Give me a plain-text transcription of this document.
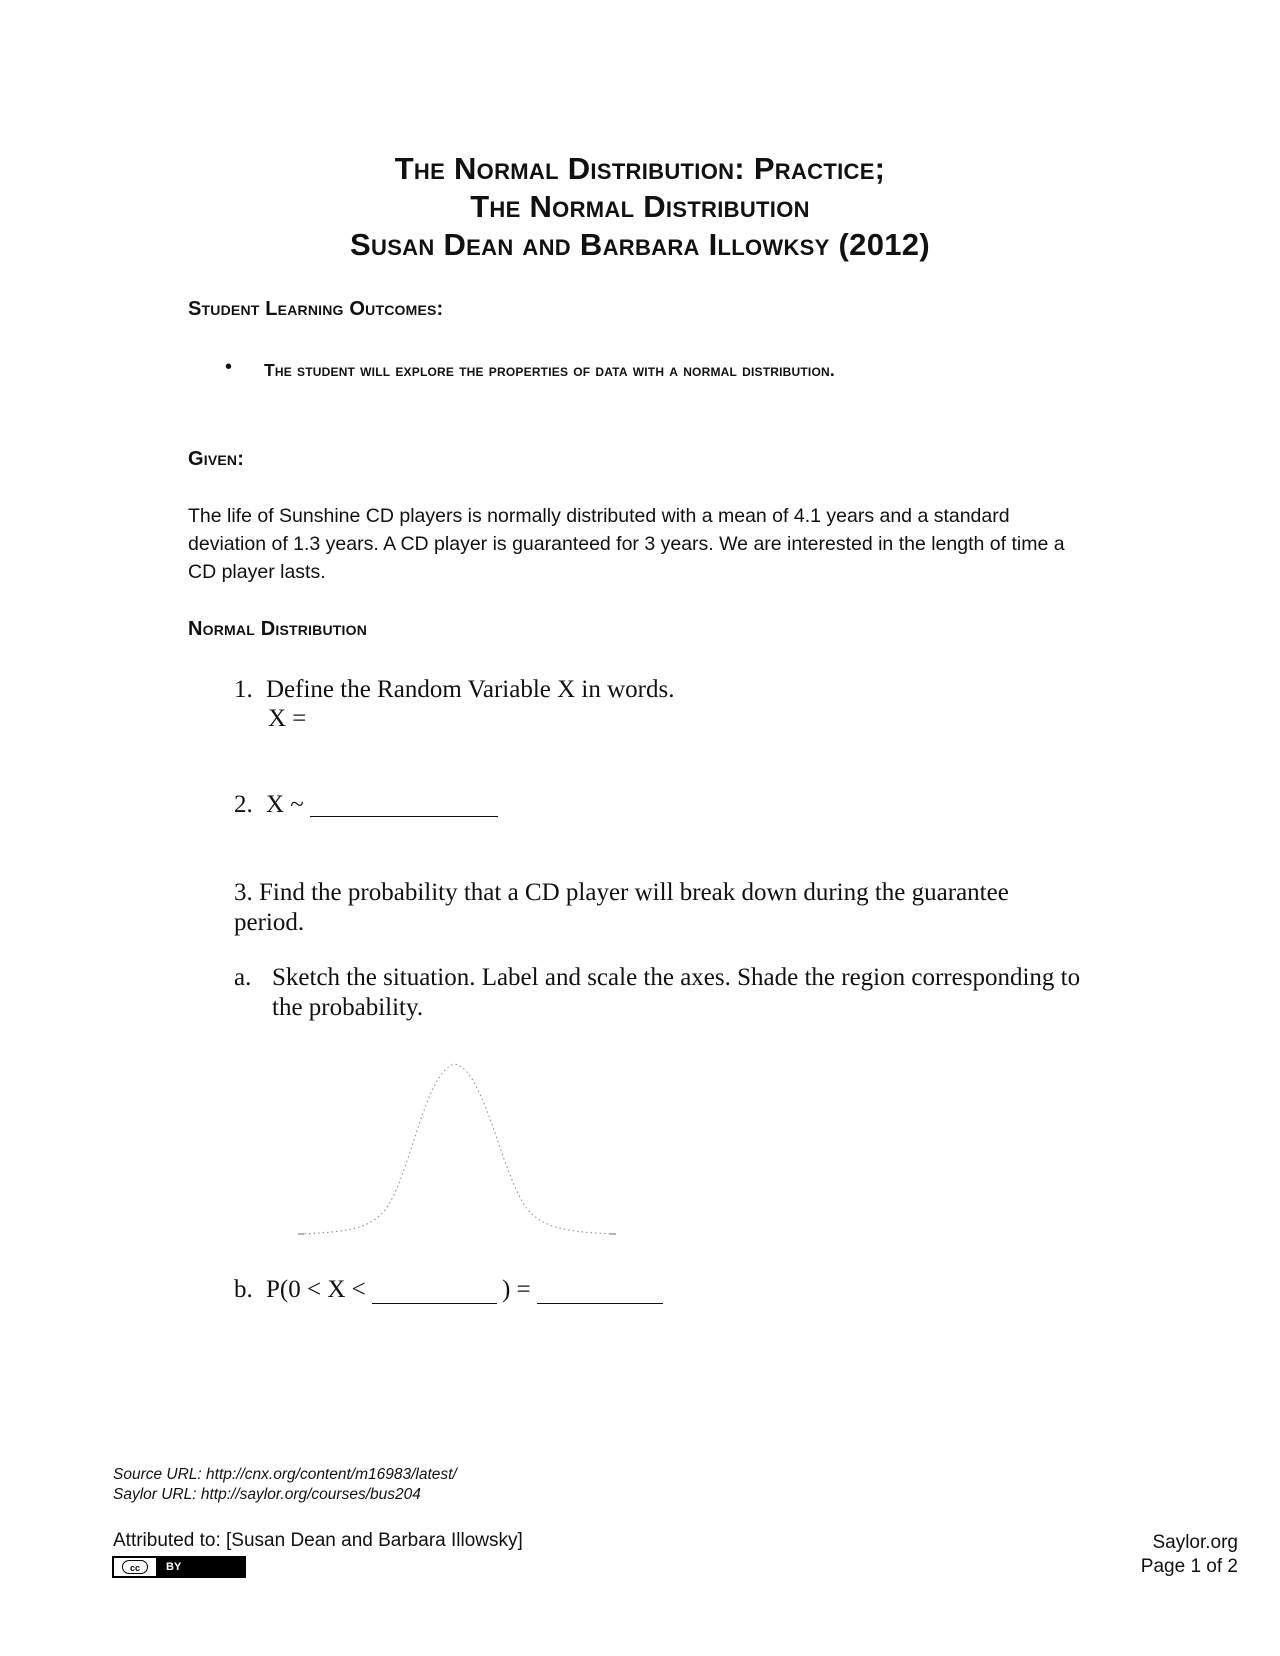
The Normal Distribution: Practice;
The Normal Distribution
Susan Dean and Barbara Illowksy (2012)
Student Learning Outcomes:
• The student will explore the properties of data with a normal distribution.
Given:
The life of Sunshine CD players is normally distributed with a mean of 4.1 years and a standard deviation of 1.3 years. A CD player is guaranteed for 3 years. We are interested in the length of time a CD player lasts.
Normal Distribution
1. Define the Random Variable X in words.
X =
2. X ~
3. Find the probability that a CD player will break down during the guarantee period.
a. Sketch the situation. Label and scale the axes. Shade the region corresponding to the probability.
b. P(0 < X <	) =
Source URL: http://cnx.org/content/m16983/latest/
Saylor URL: http://saylor.org/courses/bus204
Attributed to: [Susan Dean and Barbara Illowsky]
cc	BY
Saylor.org
Page 1 of 2
